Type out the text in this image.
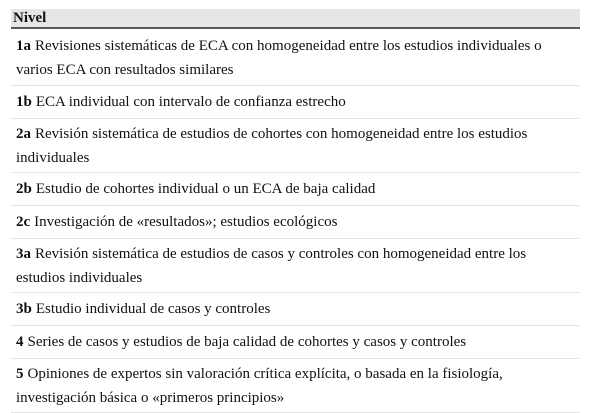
Nivel
1a Revisiones sistemáticas de ECA con homogeneidad entre los estudios individuales o varios ECA con resultados similares
1b ECA individual con intervalo de confianza estrecho
2a Revisión sistemática de estudios de cohortes con homogeneidad entre los estudios individuales
2b Estudio de cohortes individual o un ECA de baja calidad
2c Investigación de «resultados»; estudios ecológicos
3a Revisión sistemática de estudios de casos y controles con homogeneidad entre los estudios individuales
3b Estudio individual de casos y controles
4 Series de casos y estudios de baja calidad de cohortes y casos y controles
5 Opiniones de expertos sin valoración crítica explícita, o basada en la fisiología, investigación básica o «primeros principios»
